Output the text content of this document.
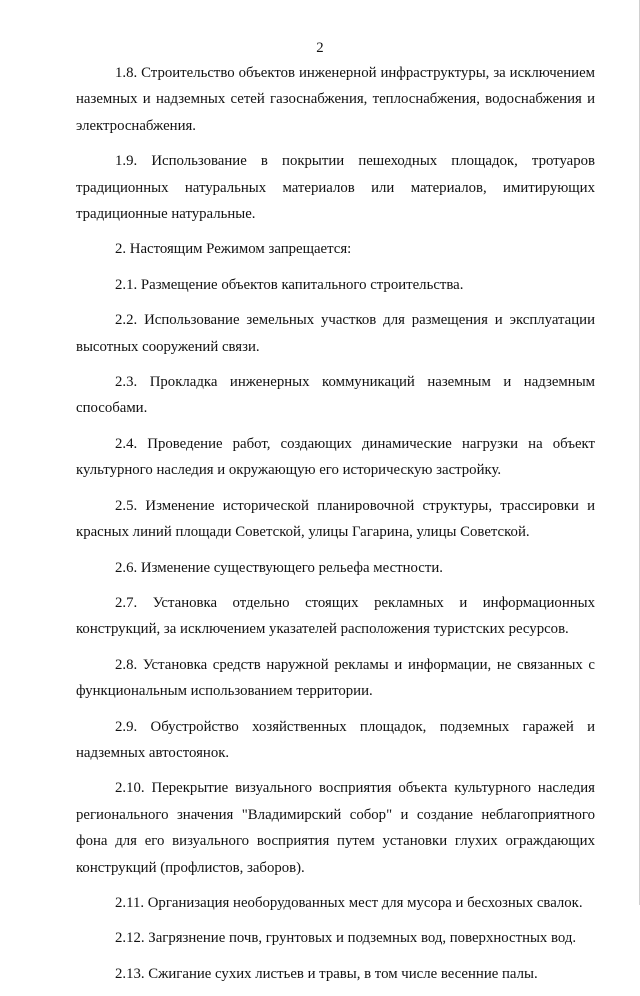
2

1.8. Строительство объектов инженерной инфраструктуры, за исключением наземных и надземных сетей газоснабжения, теплоснабжения, водоснабжения и электроснабжения.

1.9. Использование в покрытии пешеходных площадок, тротуаров традиционных натуральных материалов или материалов, имитирующих традиционные натуральные.

2. Настоящим Режимом запрещается:

2.1. Размещение объектов капитального строительства.

2.2. Использование земельных участков для размещения и эксплуатации высотных сооружений связи.

2.3. Прокладка инженерных коммуникаций наземным и надземным способами.

2.4. Проведение работ, создающих динамические нагрузки на объект культурного наследия и окружающую его историческую застройку.

2.5. Изменение исторической планировочной структуры, трассировки и красных линий площади Советской, улицы Гагарина, улицы Советской.

2.6. Изменение существующего рельефа местности.

2.7. Установка отдельно стоящих рекламных и информационных конструкций, за исключением указателей расположения туристских ресурсов.

2.8. Установка средств наружной рекламы и информации, не связанных с функциональным использованием территории.

2.9. Обустройство хозяйственных площадок, подземных гаражей и надземных автостоянок.

2.10. Перекрытие визуального восприятия объекта культурного наследия регионального значения "Владимирский собор" и создание неблагоприятного фона для его визуального восприятия путем установки глухих ограждающих конструкций (профлистов, заборов).

2.11. Организация необорудованных мест для мусора и бесхозных свалок.

2.12. Загрязнение почв, грунтовых и подземных вод, поверхностных вод.

2.13. Сжигание сухих листьев и травы, в том числе весенние палы.
